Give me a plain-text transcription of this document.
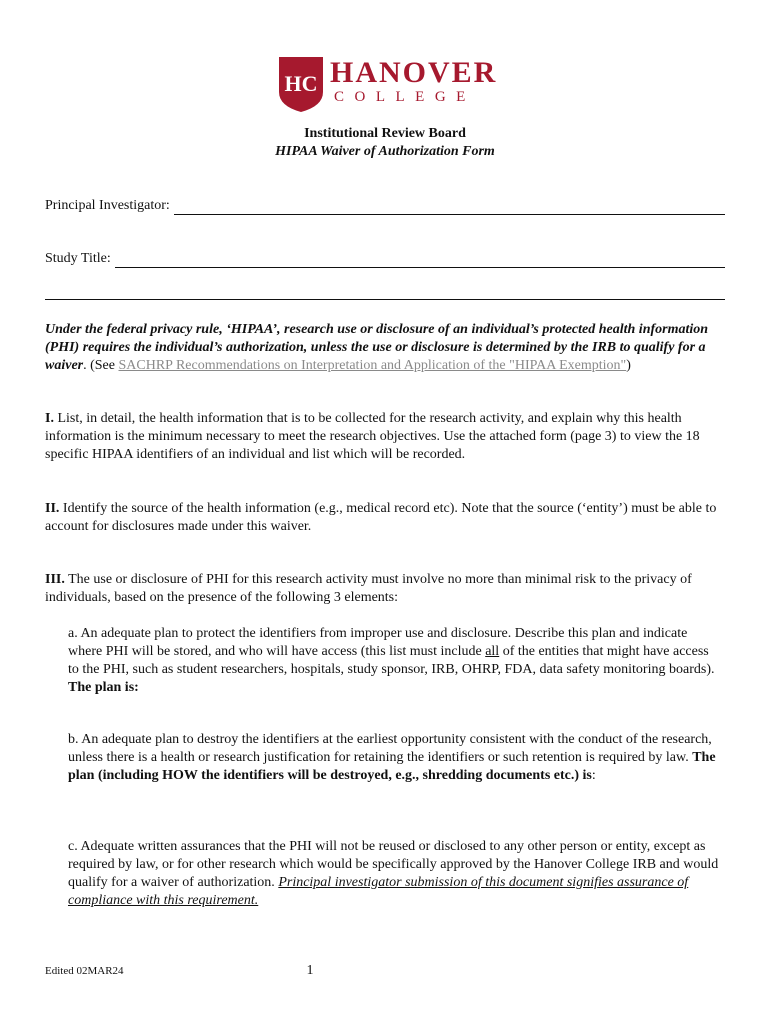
HC HANOVER
COLLEGE
Institutional Review Board
HIPAA Waiver of Authorization Form
Principal Investigator:
Study Title:
Under the federal privacy rule, ‘HIPAA’, research use or disclosure of an individual’s protected health information (PHI) requires the individual’s authorization, unless the use or disclosure is determined by the IRB to qualify for a waiver. (See SACHRP Recommendations on Interpretation and Application of the "HIPAA Exemption")
I. List, in detail, the health information that is to be collected for the research activity, and explain why this health information is the minimum necessary to meet the research objectives. Use the attached form (page 3) to view the 18 specific HIPAA identifiers of an individual and list which will be recorded.
II. Identify the source of the health information (e.g., medical record etc). Note that the source (‘entity’) must be able to account for disclosures made under this waiver.
III. The use or disclosure of PHI for this research activity must involve no more than minimal risk to the privacy of individuals, based on the presence of the following 3 elements:
a. An adequate plan to protect the identifiers from improper use and disclosure. Describe this plan and indicate where PHI will be stored, and who will have access (this list must include all of the entities that might have access to the PHI, such as student researchers, hospitals, study sponsor, IRB, OHRP, FDA, data safety monitoring boards). The plan is:
b. An adequate plan to destroy the identifiers at the earliest opportunity consistent with the conduct of the research, unless there is a health or research justification for retaining the identifiers or such retention is required by law. The plan (including HOW the identifiers will be destroyed, e.g., shredding documents etc.) is:
c. Adequate written assurances that the PHI will not be reused or disclosed to any other person or entity, except as required by law, or for other research which would be specifically approved by the Hanover College IRB and would qualify for a waiver of authorization. Principal investigator submission of this document signifies assurance of compliance with this requirement.
Edited 02MAR24	1
